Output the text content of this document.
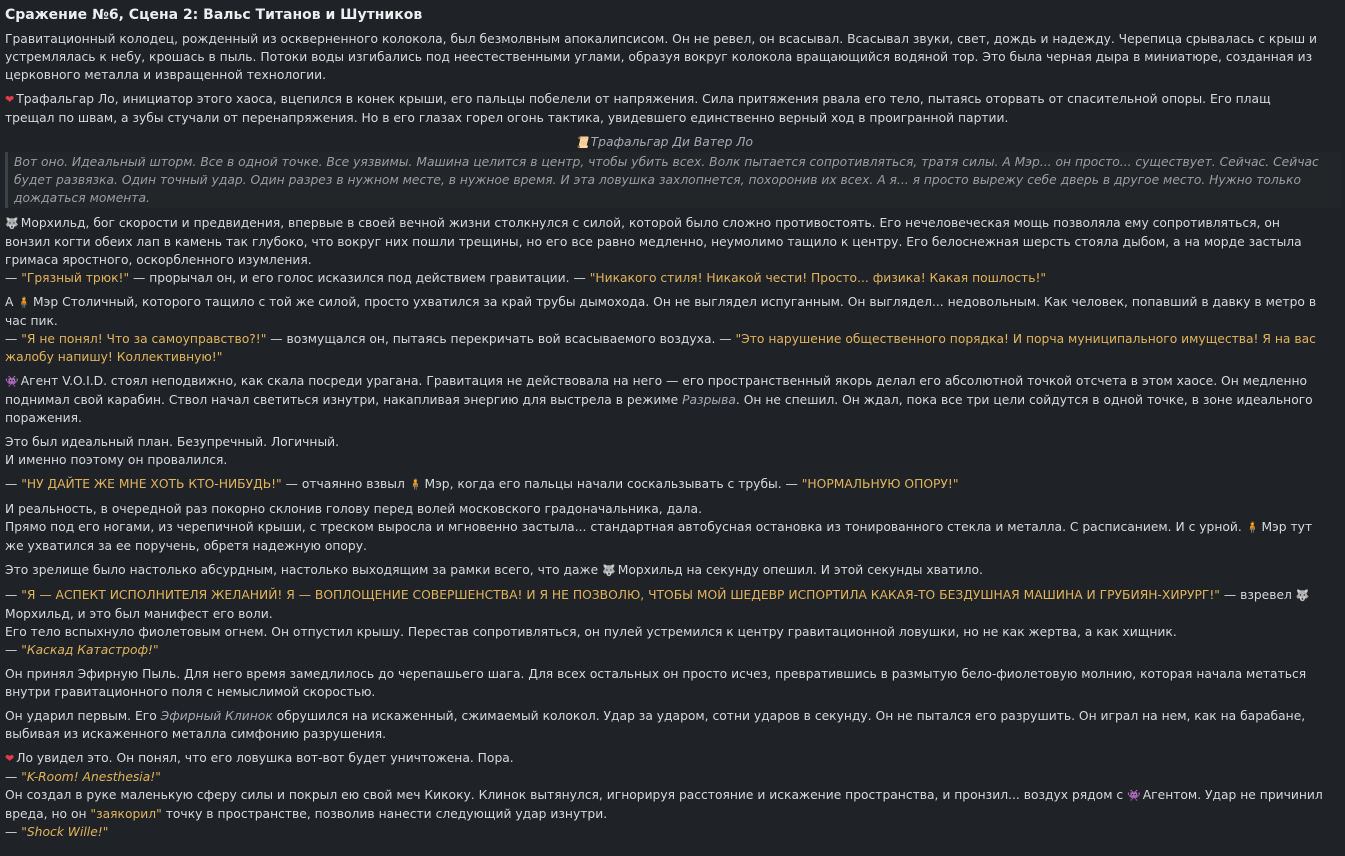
Сражение №6, Сцена 2: Вальс Титанов и Шутников

Гравитационный колодец, рожденный из оскверненного колокола, был безмолвным апокалипсисом. Он не ревел, он всасывал. Всасывал звуки, свет, дождь и надежду. Черепица срывалась с крыш и устремлялась к небу, крошась в пыль. Потоки воды изгибались под неестественными углами, образуя вокруг колокола вращающийся водяной тор. Это была черная дыра в миниатюре, созданная из церковного металла и извращенной технологии.

❤ Трафальгар Ло, инициатор этого хаоса, вцепился в конек крыши, его пальцы побелели от напряжения. Сила притяжения рвала его тело, пытаясь оторвать от спасительной опоры. Его плащ трещал по швам, а зубы стучали от перенапряжения. Но в его глазах горел огонь тактика, увидевшего единственно верный ход в проигранной партии.

📜 Трафальгар Ди Ватер Ло
Вот оно. Идеальный шторм. Все в одной точке. Все уязвимы. Машина целится в центр, чтобы убить всех. Волк пытается сопротивляться, тратя силы. А Мэр... он просто... существует. Сейчас. Сейчас будет развязка. Один точный удар. Один разрез в нужном месте, в нужное время. И эта ловушка захлопнется, похоронив их всех. А я... я просто вырежу себе дверь в другое место. Нужно только дождаться момента.

🐺 Морхильд, бог скорости и предвидения, впервые в своей вечной жизни столкнулся с силой, которой было сложно противостоять. Его нечеловеческая мощь позволяла ему сопротивляться, он вонзил когти обеих лап в камень так глубоко, что вокруг них пошли трещины, но его все равно медленно, неумолимо тащило к центру. Его белоснежная шерсть стояла дыбом, а на морде застыла гримаса яростного, оскорбленного изумления.
— "Грязный трюк!" — прорычал он, и его голос исказился под действием гравитации. — "Никакого стиля! Никакой чести! Просто... физика! Какая пошлость!"

А 🧍 Мэр Столичный, которого тащило с той же силой, просто ухватился за край трубы дымохода. Он не выглядел испуганным. Он выглядел... недовольным. Как человек, попавший в давку в метро в час пик.
— "Я не понял! Что за самоуправство?!" — возмущался он, пытаясь перекричать вой всасываемого воздуха. — "Это нарушение общественного порядка! И порча муниципального имущества! Я на вас жалобу напишу! Коллективную!"

👾 Агент V.O.I.D. стоял неподвижно, как скала посреди урагана. Гравитация не действовала на него — его пространственный якорь делал его абсолютной точкой отсчета в этом хаосе. Он медленно поднимал свой карабин. Ствол начал светиться изнутри, накапливая энергию для выстрела в режиме Разрыва. Он не спешил. Он ждал, пока все три цели сойдутся в одной точке, в зоне идеального поражения.

Это был идеальный план. Безупречный. Логичный.
И именно поэтому он провалился.

— "НУ ДАЙТЕ ЖЕ МНЕ ХОТЬ КТО-НИБУДЬ!" — отчаянно взвыл 🧍 Мэр, когда его пальцы начали соскальзывать с трубы. — "НОРМАЛЬНУЮ ОПОРУ!"

И реальность, в очередной раз покорно склонив голову перед волей московского градоначальника, дала.
Прямо под его ногами, из черепичной крыши, с треском выросла и мгновенно застыла... стандартная автобусная остановка из тонированного стекла и металла. С расписанием. И с урной. 🧍 Мэр тут же ухватился за ее поручень, обретя надежную опору.

Это зрелище было настолько абсурдным, настолько выходящим за рамки всего, что даже 🐺 Морхильд на секунду опешил. И этой секунды хватило.

— "Я — АСПЕКТ ИСПОЛНИТЕЛЯ ЖЕЛАНИЙ! Я — ВОПЛОЩЕНИЕ СОВЕРШЕНСТВА! И Я НЕ ПОЗВОЛЮ, ЧТОБЫ МОЙ ШЕДЕВР ИСПОРТИЛА КАКАЯ-ТО БЕЗДУШНАЯ МАШИНА И ГРУБИЯН-ХИРУРГ!" — взревел 🐺Морхильд, и это был манифест его воли.
Его тело вспыхнуло фиолетовым огнем. Он отпустил крышу. Перестав сопротивляться, он пулей устремился к центру гравитационной ловушки, но не как жертва, а как хищник.
— "Каскад Катастроф!"

Он принял Эфирную Пыль. Для него время замедлилось до черепашьего шага. Для всех остальных он просто исчез, превратившись в размытую бело-фиолетовую молнию, которая начала метаться внутри гравитационного поля с немыслимой скоростью.

Он ударил первым. Его Эфирный Клинок обрушился на искаженный, сжимаемый колокол. Удар за ударом, сотни ударов в секунду. Он не пытался его разрушить. Он играл на нем, как на барабане, выбивая из искаженного металла симфонию разрушения.

❤ Ло увидел это. Он понял, что его ловушка вот-вот будет уничтожена. Пора.
— "K-Room! Anesthesia!"
Он создал в руке маленькую сферу силы и покрыл ею свой меч Кикоку. Клинок вытянулся, игнорируя расстояние и искажение пространства, и пронзил... воздух рядом с 👾 Агентом. Удар не причинил вреда, но он "заякорил" точку в пространстве, позволив нанести следующий удар изнутри.
— "Shock Wille!"
